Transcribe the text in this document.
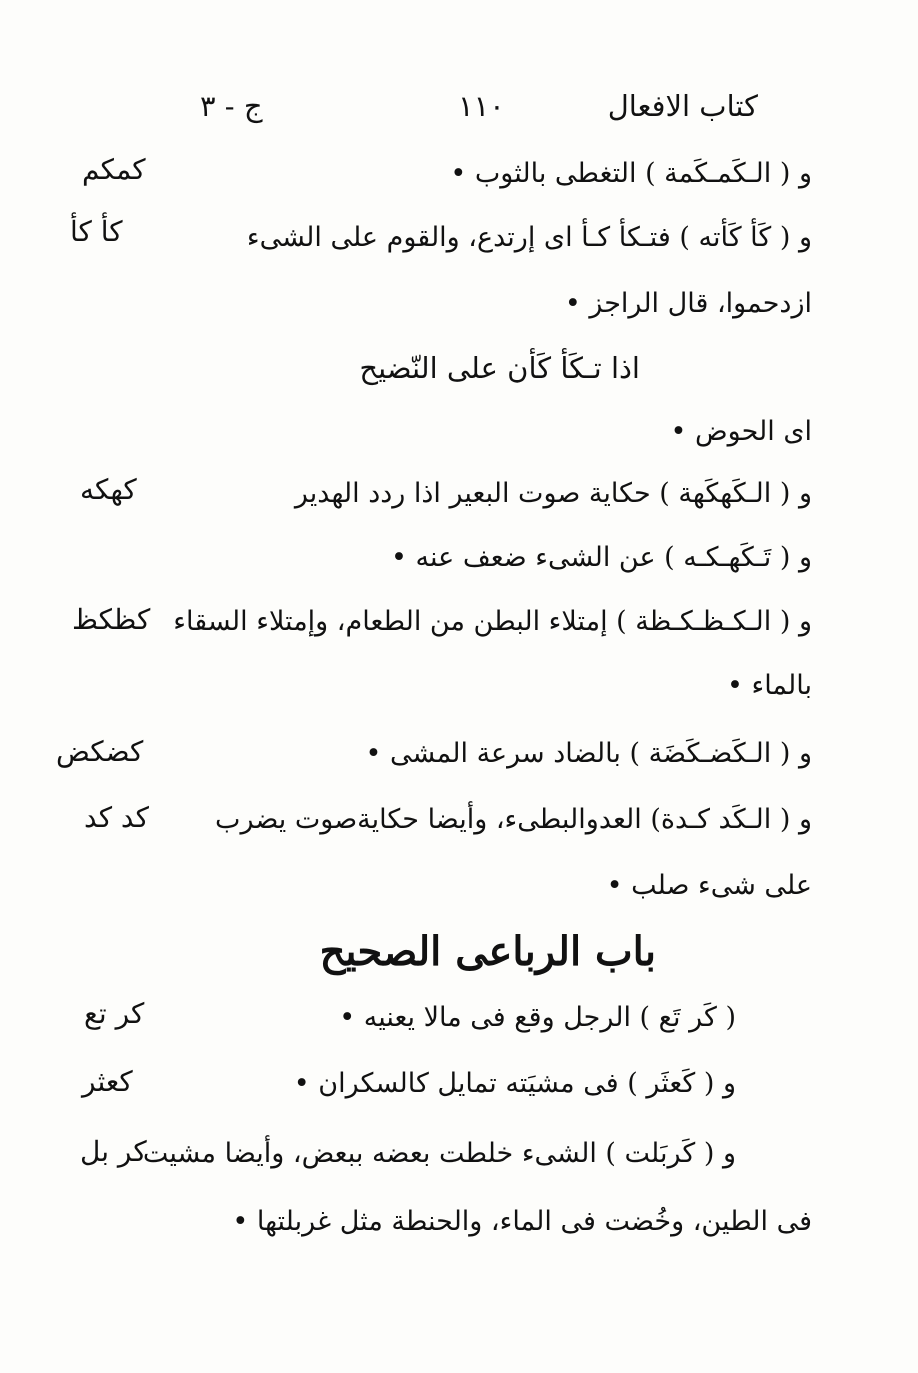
كتاب الافعال
١١٠
ج - ٣
و ( الـكَمـكَمة ) التغطى بالثوب •
و ( كَأ كَأته ) فتـكأ كـأ اى إرتدع، والقوم على الشىء
ازدحموا، قال الراجز •
اذا تـكَأ كَأن على النّضيح
اى الحوض •
و ( الـكَهكَهة ) حكاية صوت البعير اذا ردد الهدير
و ( تَـكَهـكـه ) عن الشىء ضعف عنه •
و ( الـكـظـكـظة ) إمتلاء البطن من الطعام، وإمتلاء السقاء
بالماء •
و ( الـكَضـكَضَة ) بالضاد سرعة المشى •
و ( الـكَد كـدة) العدوالبطىء، وأيضا حكايةصوت يضرب
على شىء صلب •
باب الرباعى الصحيح
( كَر تَع ) الرجل وقع فى مالا يعنيه •
و ( كَعثَر ) فى مشيَته تمايل كالسكران •
و ( كَربَلت ) الشىء خلطت بعضه ببعض، وأيضا مشيت
فى الطين، وخُضت فى الماء، والحنطة مثل غربلتها •
كمكم
كأ كأ
كهكه
كظكظ
كضكض
كد كد
كر تع
كعثر
كر بل
